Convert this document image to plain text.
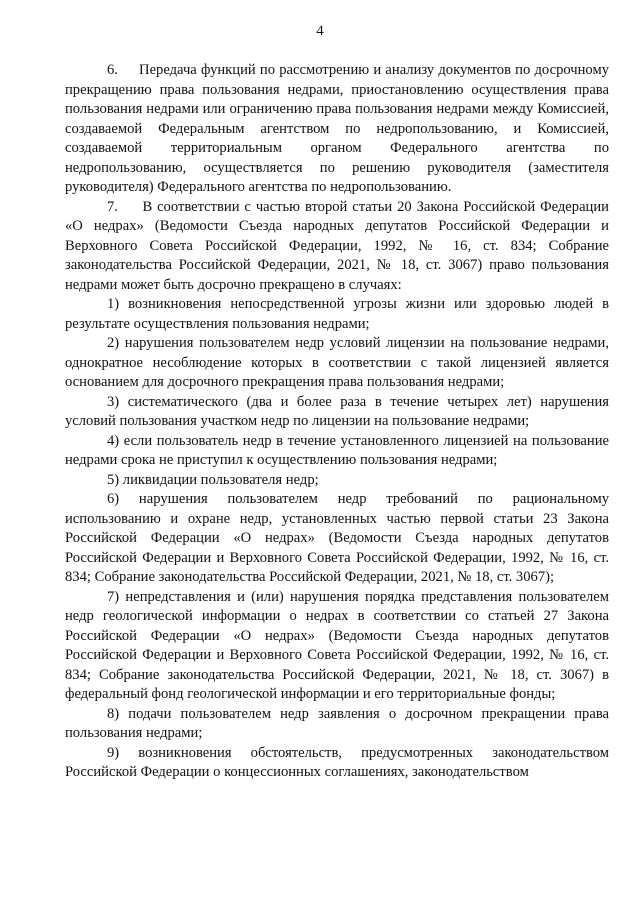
4

6.     Передача функций по рассмотрению и анализу документов по досрочному прекращению права пользования недрами, приостановлению осуществления права пользования недрами или ограничению права пользования недрами между Комиссией, создаваемой Федеральным агентством по недропользованию, и Комиссией, создаваемой территориальным органом Федерального агентства по недропользованию, осуществляется по решению руководителя (заместителя руководителя) Федерального агентства по недропользованию.

7.     В соответствии с частью второй статьи 20 Закона Российской Федерации «О недрах» (Ведомости Съезда народных депутатов Российской Федерации и Верховного Совета Российской Федерации, 1992, № 16, ст. 834; Собрание законодательства Российской Федерации, 2021, № 18, ст. 3067) право пользования недрами может быть досрочно прекращено в случаях:

1) возникновения непосредственной угрозы жизни или здоровью людей в результате осуществления пользования недрами;

2) нарушения пользователем недр условий лицензии на пользование недрами, однократное несоблюдение которых в соответствии с такой лицензией является основанием для досрочного прекращения права пользования недрами;

3) систематического (два и более раза в течение четырех лет) нарушения условий пользования участком недр по лицензии на пользование недрами;

4) если пользователь недр в течение установленного лицензией на пользование недрами срока не приступил к осуществлению пользования недрами;

5) ликвидации пользователя недр;

6) нарушения пользователем недр требований по рациональному использованию и охране недр, установленных частью первой статьи 23 Закона Российской Федерации «О недрах» (Ведомости Съезда народных депутатов Российской Федерации и Верховного Совета Российской Федерации, 1992, № 16, ст. 834; Собрание законодательства Российской Федерации, 2021, № 18, ст. 3067);

7) непредставления и (или) нарушения порядка представления пользователем недр геологической информации о недрах в соответствии со статьей 27 Закона Российской Федерации «О недрах» (Ведомости Съезда народных депутатов Российской Федерации и Верховного Совета Российской Федерации, 1992, № 16, ст. 834; Собрание законодательства Российской Федерации, 2021, № 18, ст. 3067) в федеральный фонд геологической информации и его территориальные фонды;

8) подачи пользователем недр заявления о досрочном прекращении права пользования недрами;

9) возникновения обстоятельств, предусмотренных законодательством Российской Федерации о концессионных соглашениях, законодательством
